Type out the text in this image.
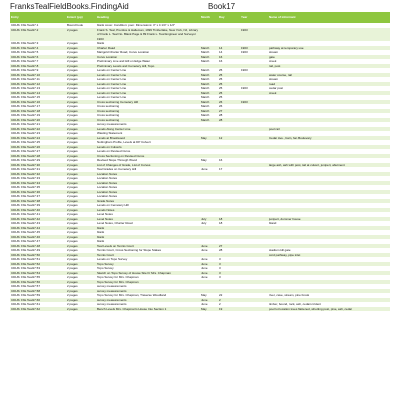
FranksTealFieldBooks.FindingAid	Book17
Entry	Extent (pp)	Heading	Month	Day	Year	Name of informant
CDHS: Fbk.Teal17.1	Bound book	blank cover. Condition: poor. Dimensions: 3" x 4 1/4" x 1/2"				
CDHS: Fbk.Teal17.2	2 pages	Frank S. Teal, Prentice & Halleman, 1999 Timberlake, New York, NJ, Library of Frank L. Teal No. Blank Page & 89 Frank L. Teal Engineer and Surveyor 1903			1903	
CDHS: Fbk.Teal17.3	2 pages	blank				
CDHS: Fbk.Teal17.4	2 pages	Charter Road	March	14	1903	pathway at temporary use
CDHS: Fbk.Teal17.5	2 pages	Marigold Charter Road, Curve Location	March	14	1903	stream
CDHS: Fbk.Teal17.6	2 pages	Curve Location	March	16		gate
CDHS: Fbk.Teal17.7	2 pages	Preliminary Line and Hill on Edge Water	March	16		creek
CDHS: Fbk.Teal17.8	2 pages	Preliminary Levels and Cemetery Hill, Topo				rail, post
CDHS: Fbk.Teal17.9	2 pages	Levels on Center Line	March	25	1903	
CDHS: Fbk.Teal17.10	2 pages	Levels on Center Line	March	25		water course, rail
CDHS: Fbk.Teal17.11	2 pages	Levels on Center Line	March	25		stream
CDHS: Fbk.Teal17.12	2 pages	Levels on Center Line	March	25		road
CDHS: Fbk.Teal17.13	2 pages	Levels on Center Line	March	25	1903	cedar post
CDHS: Fbk.Teal17.14	2 pages	Levels on Center Line	March	25		creek
CDHS: Fbk.Teal17.15	2 pages	Levels on Center Line	March	25		
CDHS: Fbk.Teal17.16	2 pages	Cross sectioning Cemetery Hill	March	26	1903	
CDHS: Fbk.Teal17.17	2 pages	Cross sectioning	March	26		
CDHS: Fbk.Teal17.18	2 pages	Cross sectioning	March	27		
CDHS: Fbk.Teal17.19	2 pages	Cross sectioning	March	28		
CDHS: Fbk.Teal17.20	2 pages	Cross sectioning	March	28		
CDHS: Fbk.Teal17.21	2 pages	survey measurements				
CDHS: Fbk.Teal17.22	2 pages	Levels Along Center Line				pool rail
CDHS: Fbk.Teal17.23	2 pages	Wasting Statement				
CDHS: Fbk.Teal17.24	2 pages	Levels at Brookwood	May	12		Cedar Ave., barn, fan Boulevary
CDHS: Fbk.Teal17.25	2 pages	Nottingham Profile, Levels at DP Culvert				
CDHS: Fbk.Teal17.26	2 pages	Levels on Culverts				
CDHS: Fbk.Teal17.27	2 pages	Levels on Revised Curve				
CDHS: Fbk.Teal17.28	2 pages	Cross Sectioning on Revised Curve				
CDHS: Fbk.Teal17.29	2 pages	Revised Slope Through Wood	May	16		
CDHS: Fbk.Teal17.30	2 pages	List of Changes of Grade, List of Curves				large ash, ash with post, tail at culvert, junipert, abutment
CDHS: Fbk.Teal17.31	2 pages	Teal Grades on Cemetery Hill	June	17		
CDHS: Fbk.Teal17.32	2 pages	Location Notes				
CDHS: Fbk.Teal17.33	2 pages	Location Notes				
CDHS: Fbk.Teal17.34	2 pages	Location Notes				
CDHS: Fbk.Teal17.35	2 pages	Location Notes				
CDHS: Fbk.Teal17.36	2 pages	Location Notes				
CDHS: Fbk.Teal17.37	2 pages	Location Notes				
CDHS: Fbk.Teal17.38	2 pages	Grade Notes				
CDHS: Fbk.Teal17.39	2 pages	Levels on Cemetery Hill				
CDHS: Fbk.Teal17.40	2 pages	Levels Notes				
CDHS: Fbk.Teal17.41	2 pages	Level Notes				
CDHS: Fbk.Teal17.42	2 pages	Level Notes	July	18		junipert, dummer house
CDHS: Fbk.Teal17.43	2 pages	Level Notes, Charter Road	July	18		bland
CDHS: Fbk.Teal17.44	2 pages	blank				
CDHS: Fbk.Teal17.45	2 pages	blank				
CDHS: Fbk.Teal17.46	2 pages	blank				
CDHS: Fbk.Teal17.47	2 pages	blank				
CDHS: Fbk.Teal17.48	2 pages	Teal Levels on Tennis Court	June	27		
CDHS: Fbk.Teal17.49	2 pages	Tennis Court, Cross Sectioning for Slope Stakes	June	28		stadium kill gate
CDHS: Fbk.Teal17.50	2 pages	Tennis Court				cord pathway, pipe inlet
CDHS: Fbk.Teal17.51	2 pages	Levels on Topo Survey	June	3		
CDHS: Fbk.Teal17.52	2 pages	Topo Survey	June	3		
CDHS: Fbk.Teal17.53	2 pages	Topo Survey	June	3		
CDHS: Fbk.Teal17.54	2 pages	Sketch on Topo Survey of House Site Fr Mrs. Chapman	June	3		
CDHS: Fbk.Teal17.55	2 pages	Topo Survey for Mrs. Chapman	June	3		
CDHS: Fbk.Teal17.56	2 pages	Topo Survey for Mrs. Chapman				
CDHS: Fbk.Teal17.57	2 pages	survey measurements				
CDHS: Fbk.Teal17.58	2 pages	survey measurements				
CDHS: Fbk.Teal17.59	2 pages	Topo Survey for Mrs. Chapman, Traverse Woodland	May	22		river, cave, stream, pine brook
CDHS: Fbk.Teal17.60	2 pages	survey measurements	June	2		
CDHS: Fbk.Teal17.61	2 pages	survey measurements	June	2		timber, bound, rock, ash, cedars trident
CDHS: Fbk.Teal17.62	2 pages	Bench Levels Mrs. Chapman's House Into Section 1	May	19		pool lot location trees flattened, whetting post, pine, ash, cedar
